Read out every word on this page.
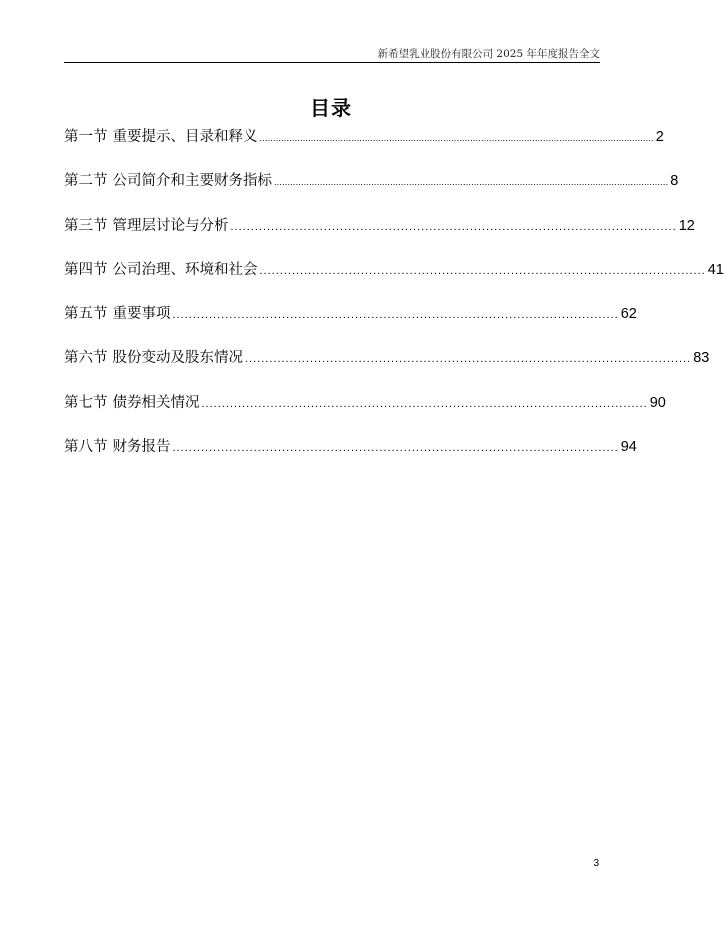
新希望乳业股份有限公司 2025 年年度报告全文
目录
第一节 重要提示、目录和释义 .................................................................................................................................................. 2
第二节 公司简介和主要财务指标 .................................................................................................................................................. 8
第三节 管理层讨论与分析 .............................................................................................................. 12
第四节 公司治理、环境和社会 .............................................................................................................. 41
第五节 重要事项 .............................................................................................................. 62
第六节 股份变动及股东情况 .............................................................................................................. 83
第七节 债券相关情况 .............................................................................................................. 90
第八节 财务报告 .............................................................................................................. 94
3
